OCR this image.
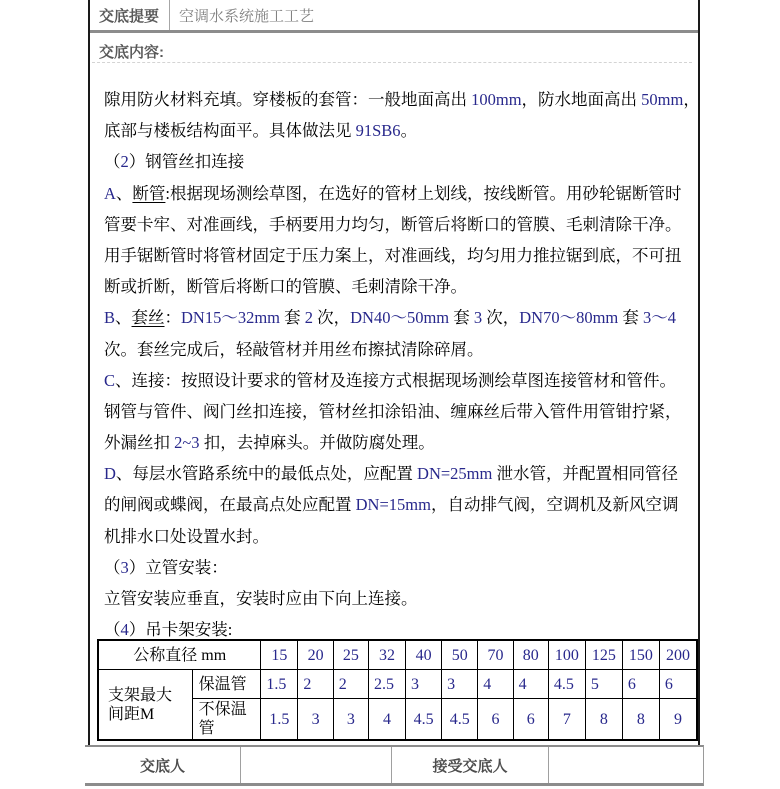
交底提要	空调水系统施工工艺
交底内容:
隙用防火材料充填。穿楼板的套管：一般地面高出 100mm，防水地面高出 50mm，
底部与楼板结构面平。具体做法见 91SB6。
（2）钢管丝扣连接
A、断管:根据现场测绘草图，在选好的管材上划线，按线断管。用砂轮锯断管时
管要卡牢、对准画线，手柄要用力均匀，断管后将断口的管膜、毛刺清除干净。
用手锯断管时将管材固定于压力案上，对准画线，均匀用力推拉锯到底，不可扭
断或折断，断管后将断口的管膜、毛刺清除干净。
B、套丝：DN15～32mm 套 2 次，DN40～50mm 套 3 次，DN70～80mm 套 3～4
次。套丝完成后，轻敲管材并用丝布擦拭清除碎屑。
C、连接：按照设计要求的管材及连接方式根据现场测绘草图连接管材和管件。
钢管与管件、阀门丝扣连接，管材丝扣涂铅油、缠麻丝后带入管件用管钳拧紧，
外漏丝扣 2~3 扣，去掉麻头。并做防腐处理。
D、每层水管路系统中的最低点处，应配置 DN=25mm 泄水管，并配置相同管径
的闸阀或蝶阀，在最高点处应配置 DN=15mm，自动排气阀，空调机及新风空调
机排水口处设置水封。
（3）立管安装：
立管安装应垂直，安装时应由下向上连接。
（4）吊卡架安装:
公称直径 mm		15	20	25	32	40	50	70	80	100	125	150	200
支架最大间距M	保温管	1.5	2	2	2.5	3	3	4	4	4.5	5	6	6
	不保温管	1.5	3	3	4	4.5	4.5	6	6	7	8	8	9
交底人	接受交底人
